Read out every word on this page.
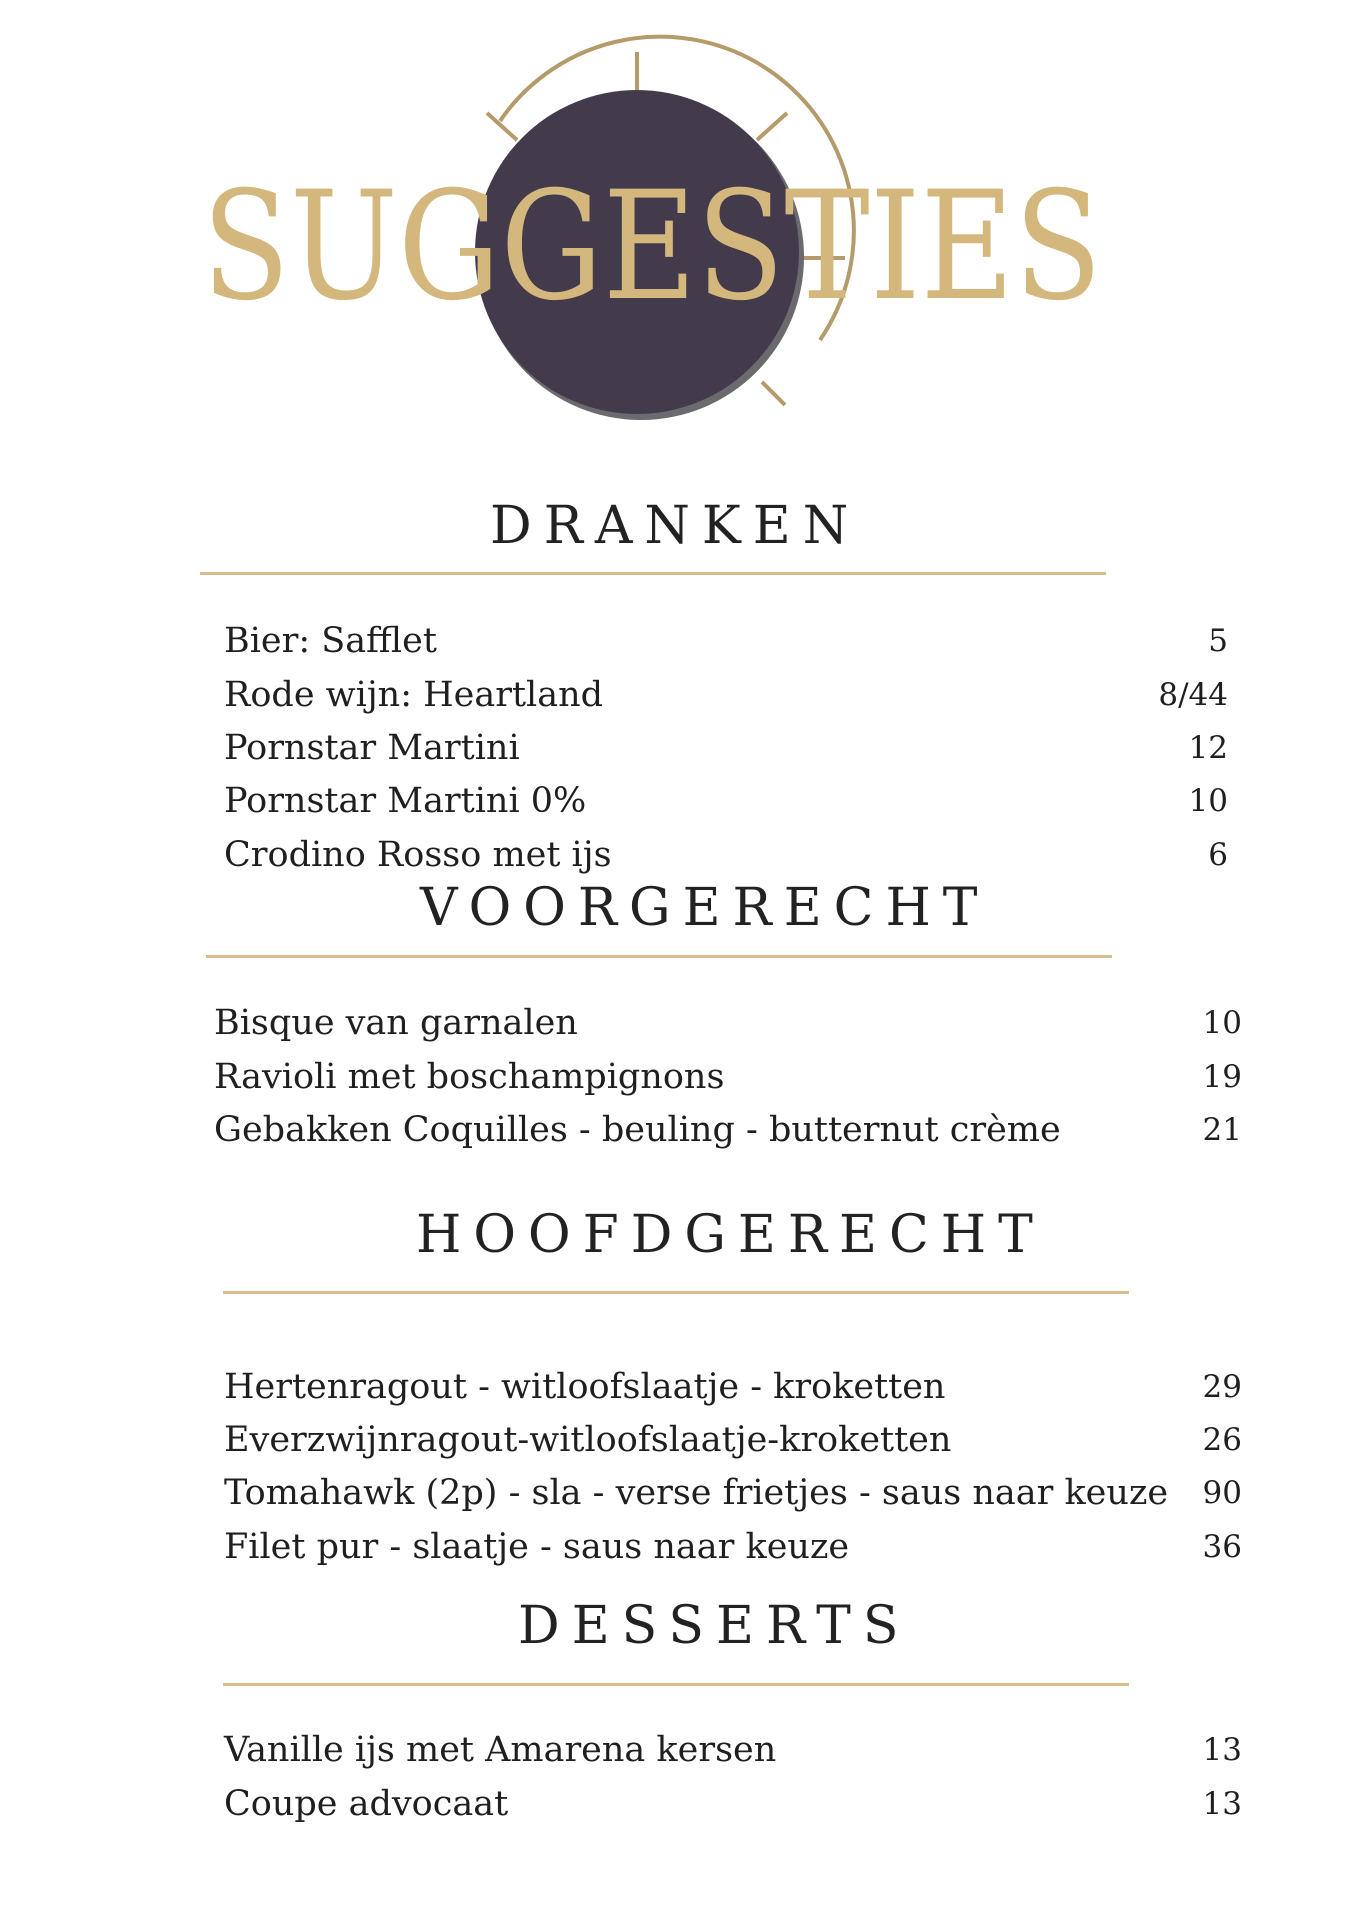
SUGGESTIES
DRANKEN
Bier: Safflet	5
Rode wijn: Heartland	8/44
Pornstar Martini	12
Pornstar Martini 0%	10
Crodino Rosso met ijs	6
VOORGERECHT
Bisque van garnalen	10
Ravioli met boschampignons	19
Gebakken Coquilles - beuling - butternut crème	21
HOOFDGERECHT
Hertenragout - witloofslaatje - kroketten	29
Everzwijnragout-witloofslaatje-kroketten	26
Tomahawk (2p) - sla - verse frietjes - saus naar keuze 90
Filet pur - slaatje - saus naar keuze	36
DESSERTS
Vanille ijs met Amarena kersen	13
Coupe advocaat	13
